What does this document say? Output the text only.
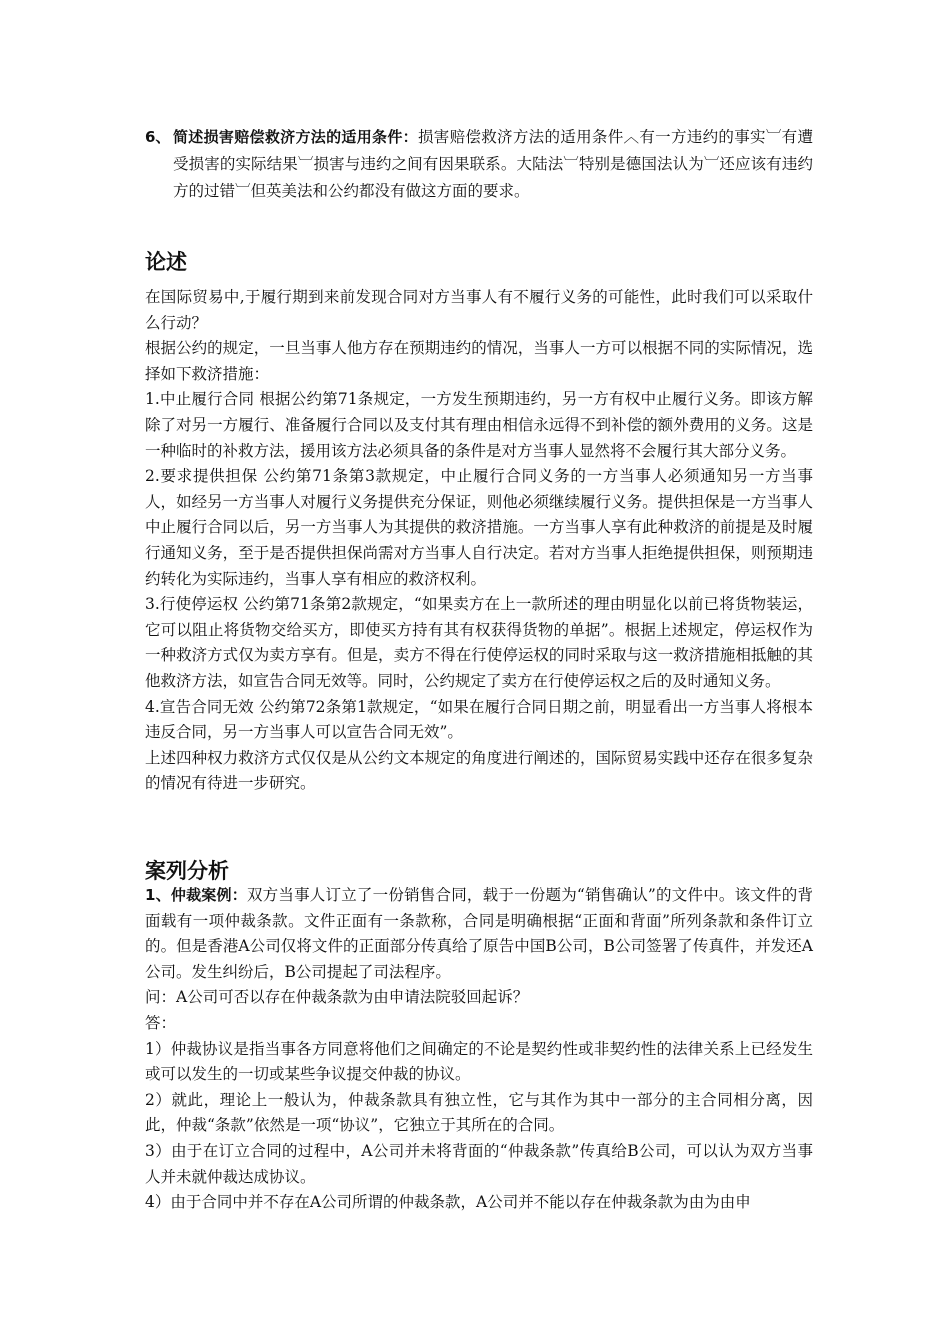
6、 简述损害赔偿救济方法的适用条件：损害赔偿救济方法的适用条件︿有一方违约的事实︺有遭受损害的实际结果︺损害与违约之间有因果联系。大陆法︺特别是德国法认为︺还应该有违约方的过错︺但英美法和公约都没有做这方面的要求。
论述

在国际贸易中,于履行期到来前发现合同对方当事人有不履行义务的可能性，此时我们可以采取什么行动？

根据公约的规定，一旦当事人他方存在预期违约的情况，当事人一方可以根据不同的实际情况，选择如下救济措施：

1.中止履行合同 根据公约第71条规定，一方发生预期违约，另一方有权中止履行义务。即该方解除了对另一方履行、准备履行合同以及支付其有理由相信永远得不到补偿的额外费用的义务。这是一种临时的补救方法，援用该方法必须具备的条件是对方当事人显然将不会履行其大部分义务。

2.要求提供担保 公约第71条第3款规定，中止履行合同义务的一方当事人必须通知另一方当事人，如经另一方当事人对履行义务提供充分保证，则他必须继续履行义务。提供担保是一方当事人中止履行合同以后，另一方当事人为其提供的救济措施。一方当事人享有此种救济的前提是及时履行通知义务，至于是否提供担保尚需对方当事人自行决定。若对方当事人拒绝提供担保，则预期违约转化为实际违约，当事人享有相应的救济权利。

3.行使停运权 公约第71条第2款规定，“如果卖方在上一款所述的理由明显化以前已将货物装运，它可以阻止将货物交给买方，即使买方持有其有权获得货物的单据”。根据上述规定，停运权作为一种救济方式仅为卖方享有。但是，卖方不得在行使停运权的同时采取与这一救济措施相抵触的其他救济方法，如宣告合同无效等。同时，公约规定了卖方在行使停运权之后的及时通知义务。

4.宣告合同无效 公约第72条第1款规定，“如果在履行合同日期之前，明显看出一方当事人将根本违反合同，另一方当事人可以宣告合同无效”。

上述四种权力救济方式仅仅是从公约文本规定的角度进行阐述的，国际贸易实践中还存在很多复杂的情况有待进一步研究。

案列分析

1、仲裁案例：双方当事人订立了一份销售合同，载于一份题为“销售确认”的文件中。该文件的背面载有一项仲裁条款。文件正面有一条款称，合同是明确根据“正面和背面”所列条款和条件订立的。但是香港A公司仅将文件的正面部分传真给了原告中国B公司，B公司签署了传真件，并发还A公司。发生纠纷后，B公司提起了司法程序。

问：A公司可否以存在仲裁条款为由申请法院驳回起诉？

答：

1）仲裁协议是指当事各方同意将他们之间确定的不论是契约性或非契约性的法律关系上已经发生或可以发生的一切或某些争议提交仲裁的协议。

2）就此，理论上一般认为，仲裁条款具有独立性，它与其作为其中一部分的主合同相分离，因此，仲裁“条款”依然是一项“协议”，它独立于其所在的合同。

3）由于在订立合同的过程中，A公司并未将背面的“仲裁条款”传真给B公司，可以认为双方当事人并未就仲裁达成协议。

4）由于合同中并不存在A公司所谓的仲裁条款，A公司并不能以存在仲裁条款为由为由申
